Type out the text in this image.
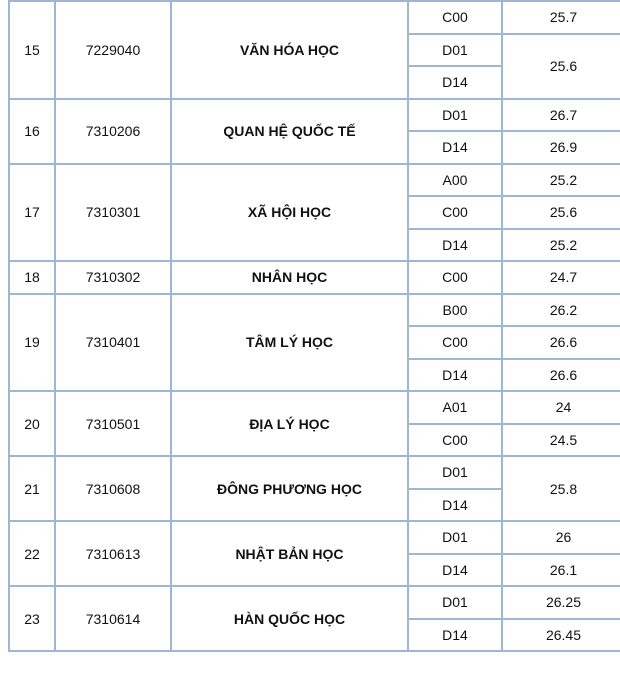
15	7229040	VĂN HÓA HỌC	C00	25.7
			D01	25.6
			D14	
16	7310206	QUAN HỆ QUỐC TẾ	D01	26.7
			D14	26.9
17	7310301	XÃ HỘI HỌC	A00	25.2
			C00	25.6
			D14	25.2
18	7310302	NHÂN HỌC	C00	24.7
19	7310401	TÂM LÝ HỌC	B00	26.2
			C00	26.6
			D14	26.6
20	7310501	ĐỊA LÝ HỌC	A01	24
			C00	24.5
21	7310608	ĐÔNG PHƯƠNG HỌC	D01	25.8
			D14	
22	7310613	NHẬT BẢN HỌC	D01	26
			D14	26.1
23	7310614	HÀN QUỐC HỌC	D01	26.25
			D14	26.45
